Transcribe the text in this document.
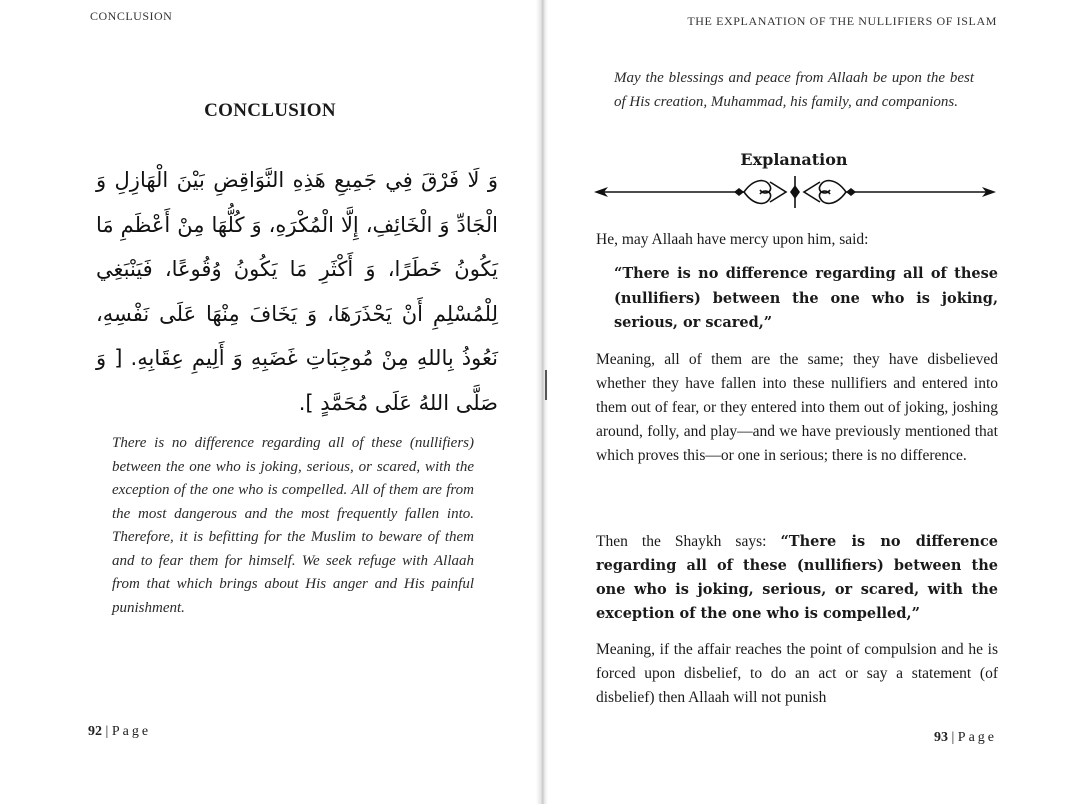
CONCLUSION
CONCLUSION
وَ لَا فَرْقَ فِي جَمِيعِ هَذِهِ النَّوَاقِضِ بَيْنَ الْهَازِلِ وَ الْجَادِّ وَ الْخَائِفِ، إِلَّا الْمُكْرَهِ، وَ كُلُّهَا مِنْ أَعْظَمِ مَا يَكُونُ خَطَرًا، وَ أَكْثَرِ مَا يَكُونُ وُقُوعًا، فَيَنْبَغِي لِلْمُسْلِمِ أَنْ يَحْذَرَهَا، وَ يَخَافَ مِنْهَا عَلَى نَفْسِهِ، نَعُوذُ بِاللهِ مِنْ مُوجِبَاتِ غَضَبِهِ وَ أَلِيمِ عِقَابِهِ. [ وَ صَلَّى اللهُ عَلَى مُحَمَّدٍ ].
There is no difference regarding all of these (nullifiers) between the one who is joking, serious, or scared, with the exception of the one who is compelled. All of them are from the most dangerous and the most frequently fallen into. Therefore, it is befitting for the Muslim to beware of them and to fear them for himself. We seek refuge with Allaah from that which brings about His anger and His painful punishment.
92 | Page
THE EXPLANATION OF THE NULLIFIERS OF ISLAM
May the blessings and peace from Allaah be upon the best of His creation, Muhammad, his family, and companions.
Explanation
He, may Allaah have mercy upon him, said:
“There is no difference regarding all of these (nullifiers) between the one who is joking, serious, or scared,”
Meaning, all of them are the same; they have disbelieved whether they have fallen into these nullifiers and entered into them out of fear, or they entered into them out of joking, joshing around, folly, and play—and we have previously mentioned that which proves this—or one in serious; there is no difference.
Then the Shaykh says: “There is no difference regarding all of these (nullifiers) between the one who is joking, serious, or scared, with the exception of the one who is compelled,”
Meaning, if the affair reaches the point of compulsion and he is forced upon disbelief, to do an act or say a statement (of disbelief) then Allaah will not punish
93 | Page
